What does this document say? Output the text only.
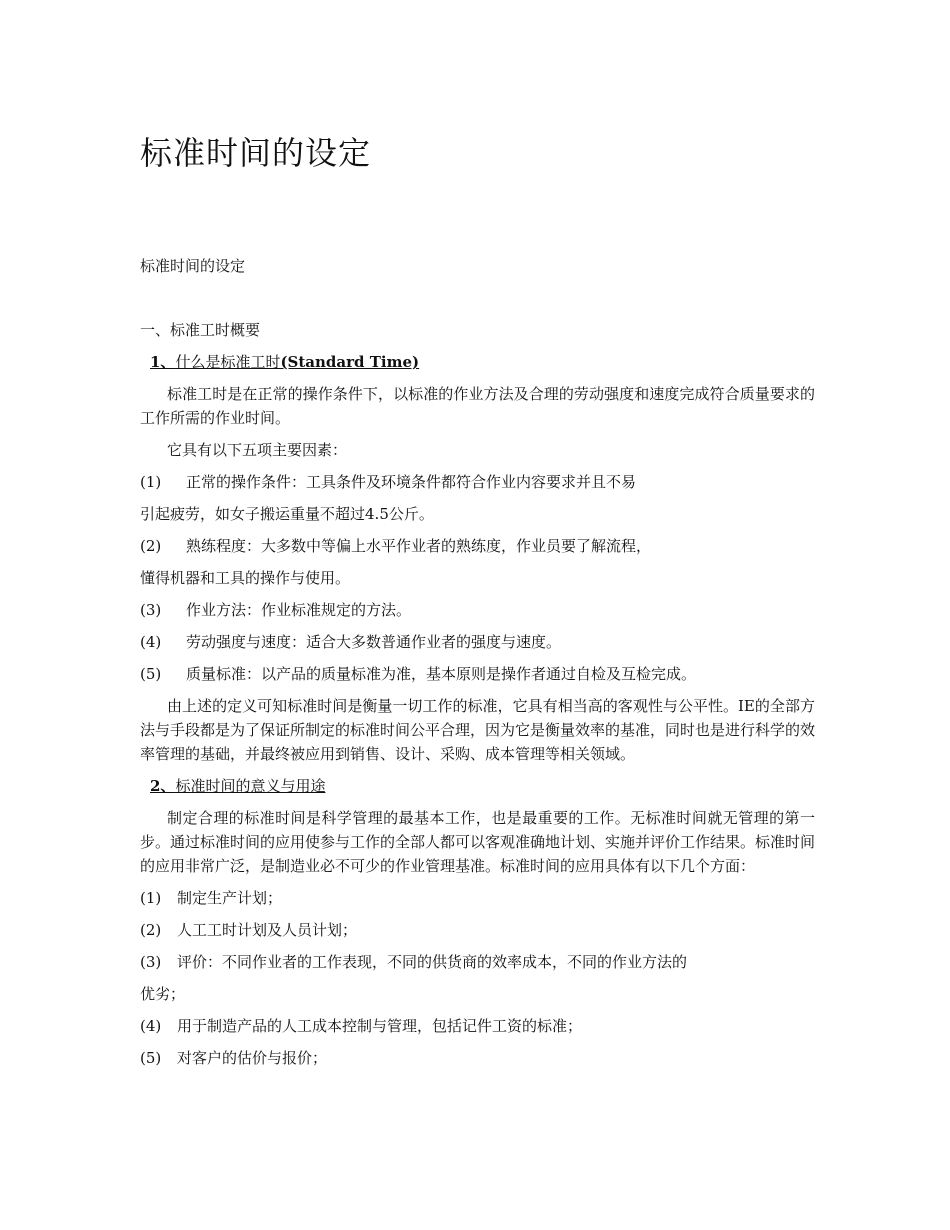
标准时间的设定
标准时间的设定
一、标准工时概要
1、什么是标准工时(Standard Time)

标准工时是在正常的操作条件下，以标准的作业方法及合理的劳动强度和速度完成符合质量要求的工作所需的作业时间。

它具有以下五项主要因素：

(1) 正常的操作条件：工具条件及环境条件都符合作业内容要求并且不易
引起疲劳，如女子搬运重量不超过4.5公斤。
(2) 熟练程度：大多数中等偏上水平作业者的熟练度，作业员要了解流程，
懂得机器和工具的操作与使用。
(3) 作业方法：作业标准规定的方法。
(4) 劳动强度与速度：适合大多数普通作业者的强度与速度。
(5) 质量标准：以产品的质量标准为准，基本原则是操作者通过自检及互检完成。

由上述的定义可知标准时间是衡量一切工作的标准，它具有相当高的客观性与公平性。IE的全部方法与手段都是为了保证所制定的标准时间公平合理，因为它是衡量效率的基准，同时也是进行科学的效率管理的基础，并最终被应用到销售、设计、采购、成本管理等相关领域。

2、标准时间的意义与用途

制定合理的标准时间是科学管理的最基本工作，也是最重要的工作。无标准时间就无管理的第一步。通过标准时间的应用使参与工作的全部人都可以客观准确地计划、实施并评价工作结果。标准时间的应用非常广泛，是制造业必不可少的作业管理基准。标准时间的应用具体有以下几个方面：

(1) 制定生产计划；
(2) 人工工时计划及人员计划；
(3) 评价：不同作业者的工作表现，不同的供货商的效率成本，不同的作业方法的
优劣；
(4) 用于制造产品的人工成本控制与管理，包括记件工资的标准；
(5) 对客户的估价与报价；
